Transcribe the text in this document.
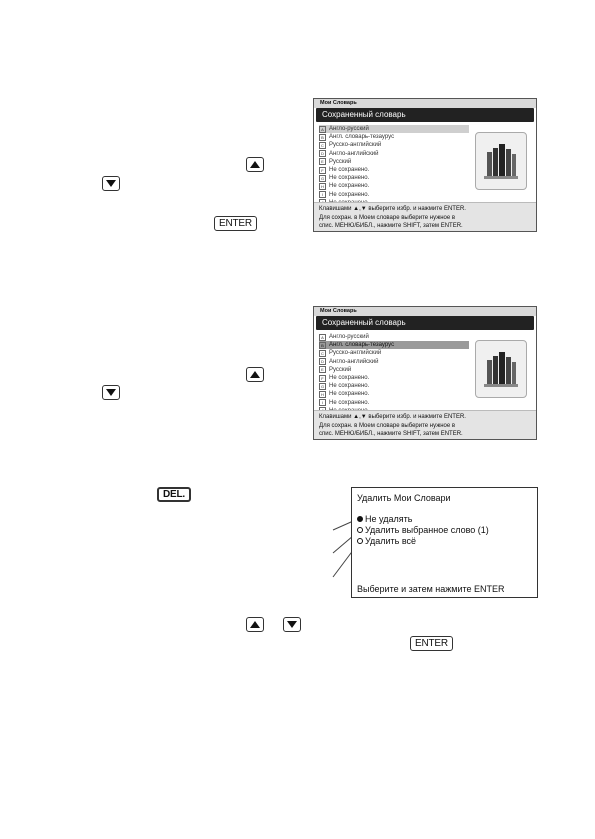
ENTER
Мои Словарь
Сохраненный словарь
A Англо-русский
B Англ. словарь-тезаурус
C Русско-английский
D Англо-английский
E Русский
F Не сохранено.
G Не сохранено.
H Не сохранено.
I Не сохранено.
Клавишами ▲,▼ выберите избр. и нажмите ENTER.
Для сохран. в Моем словаре выберите нужное в
спис. МЕНЮ/БИБЛ., нажмите SHIFT, затем ENTER.
Мои Словарь
Сохраненный словарь
A Англо-русский
B Англ. словарь-тезаурус
C Русско-английский
D Англо-английский
E Русский
F Не сохранено.
G Не сохранено.
H Не сохранено.
I Не сохранено.
Клавишами ▲,▼ выберите избр. и нажмите ENTER.
Для сохран. в Моем словаре выберите нужное в
спис. МЕНЮ/БИБЛ., нажмите SHIFT, затем ENTER.
DEL.	Удалить Мои Словари
Не удалять
Удалить выбранное слово (1)
Удалить всё
Выберите и затем нажмите ENTER
ENTER
